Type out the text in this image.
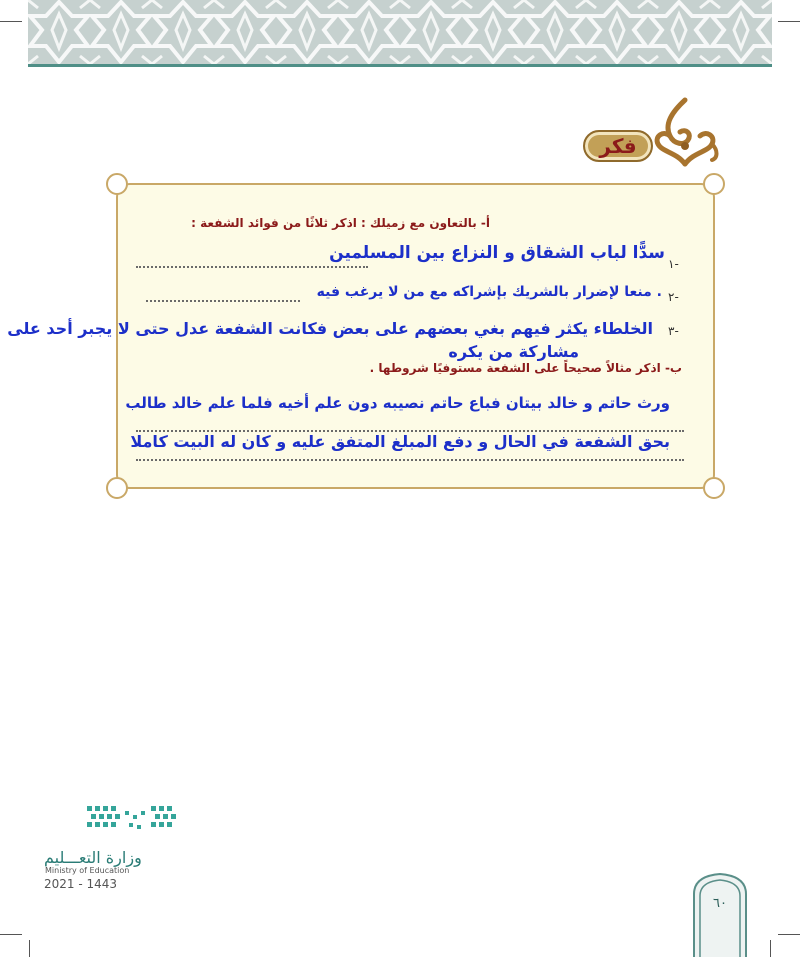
فكر
أ- بالتعاون مع زميلك : اذكر ثلاثًا من فوائد الشفعة :
١-
سدًّا لباب الشقاق و النزاع بين المسلمين
٢-
. منعا لإضرار بالشريك بإشراكه مع من لا يرغب فيه
٣-
الخلطاء يكثر فيهم بغي بعضهم على بعض فكانت الشفعة عدل حتى لا يجبر أحد على
مشاركة من يكره
ب- اذكر مثالاً صحيحاً على الشفعة مستوفيًا شروطها .
ورث حاتم و خالد بيتان فباع حاتم نصيبه دون علم أخيه فلما علم خالد طالب
بحق الشفعة في الحال و دفع المبلغ المتفق عليه و كان له البيت كاملا
وزارة التعـــليم
Ministry of Education
2021 - 1443
٦٠
